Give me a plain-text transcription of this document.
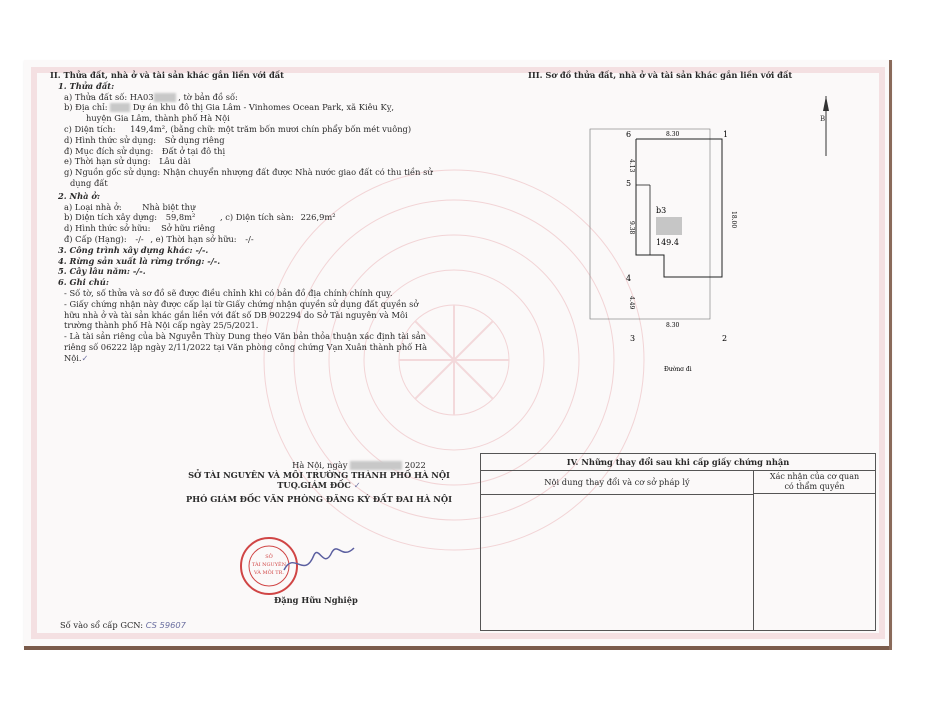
II. Thửa đất, nhà ở và tài sản khác gắn liền với đất
1. Thửa đất:
a) Thửa đất số: HA03	, tờ bản đồ số:
b) Địa chỉ:	Dự án khu đô thị Gia Lâm - Vinhomes Ocean Park, xã Kiêu Kỵ,
huyện Gia Lâm, thành phố Hà Nội
c) Diện tích: 149,4m², (bằng chữ: một trăm bốn mươi chín phẩy bốn mét vuông)
d) Hình thức sử dụng: Sử dụng riêng
đ) Mục đích sử dụng: Đất ở tại đô thị
e) Thời hạn sử dụng: Lâu dài
g) Nguồn gốc sử dụng: Nhận chuyển nhượng đất được Nhà nước giao đất có thu tiền sử
dụng đất
2. Nhà ở:
a) Loại nhà ở: Nhà biệt thự
b) Diện tích xây dựng: 59,8m²	, c) Diện tích sàn: 226,9m²
d) Hình thức sở hữu: Sở hữu riêng
đ) Cấp (Hạng): -/- , e) Thời hạn sở hữu: -/-
3. Công trình xây dựng khác: -/-.
4. Rừng sản xuất là rừng trồng: -/-.
5. Cây lâu năm: -/-.
6. Ghi chú:
- Số tờ, số thửa và sơ đồ sẽ được điều chỉnh khi có bản đồ địa chính chính quy.
- Giấy chứng nhận này được cấp lại từ Giấy chứng nhận quyền sử dụng đất quyền sở
hữu nhà ở và tài sản khác gắn liền với đất số DB 902294 do Sở Tài nguyên và Môi
trường thành phố Hà Nội cấp ngày 25/5/2021.
- Là tài sản riêng của bà Nguyễn Thùy Dung theo Văn bản thỏa thuận xác định tài sản
riêng số 06222 lập ngày 2/11/2022 tại Văn phòng công chứng Vạn Xuân thành phố Hà
Nội.✓
III. Sơ đồ thửa đất, nhà ở và tài sản khác gắn liền với đất
B
6	1
5
4
3	2
8.30
8.30
18.00
4.13
9.38
4.49
b3
149.4
Đường đi
Hà Nội, ngày	2022
SỞ TÀI NGUYÊN VÀ MÔI TRƯỜNG THÀNH PHỐ HÀ NỘI
TUQ.GIÁM ĐỐC ✓
PHÓ GIÁM ĐỐC VĂN PHÒNG ĐĂNG KÝ ĐẤT ĐAI HÀ NỘI
SỞ
TÀI NGUYÊN
VÀ MÔI TR.
Đặng Hữu Nghiệp
Số vào sổ cấp GCN: CS 59607
IV. Những thay đổi sau khi cấp giấy chứng nhận
Nội dung thay đổi và cơ sở pháp lý
Xác nhận của cơ quan
có thẩm quyền
